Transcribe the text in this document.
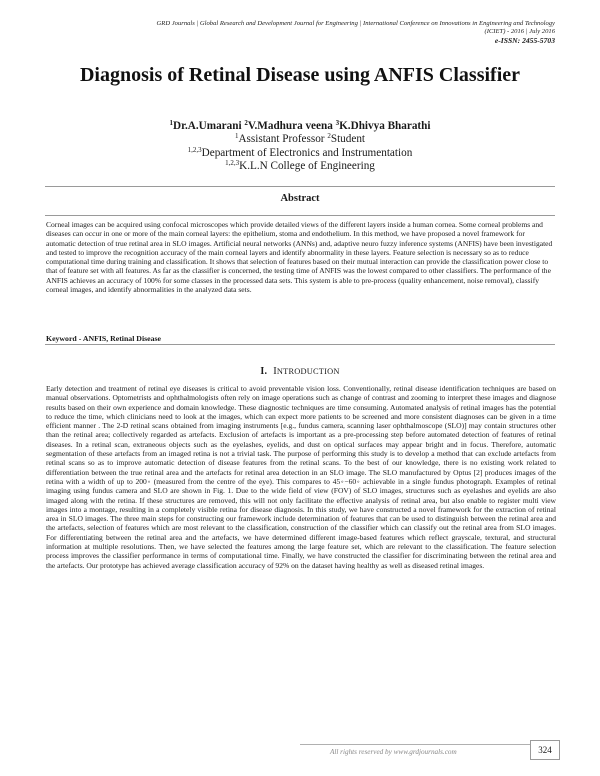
GRD Journals | Global Research and Development Journal for Engineering | International Conference on Innovations in Engineering and Technology
(ICIET) - 2016 | July 2016
e-ISSN: 2455-5703
Diagnosis of Retinal Disease using ANFIS Classifier
$^1$Dr.A.Umarani $^2$V.Madhura veena $^3$K.Dhivya Bharathi
$^1$Assistant Professor $^2$Student
$^{1,2,3}$Department of Electronics and Instrumentation
$^{1,2,3}$K.L.N College of Engineering
Abstract
Corneal images can be acquired using confocal microscopes which provide detailed views of the different layers inside a human cornea. Some corneal problems and diseases can occur in one or more of the main corneal layers: the epithelium, stoma and endothelium. In this method, we have proposed a novel framework for automatic detection of true retinal area in SLO images. Artificial neural networks (ANNs) and, adaptive neuro fuzzy inference systems (ANFIS) have been investigated and tested to improve the recognition accuracy of the main corneal layers and identify abnormality in these layers. Feature selection is necessary so as to reduce computational time during training and classification. It shows that selection of features based on their mutual interaction can provide the classification power close to that of feature set with all features. As far as the classifier is concerned, the testing time of ANFIS was the lowest compared to other classifiers. The performance of the ANFIS achieves an accuracy of 100% for some classes in the processed data sets. This system is able to pre-process (quality enhancement, noise removal), classify corneal images, and identify abnormalities in the analyzed data sets.
Keyword - ANFIS, Retinal Disease
I. INTRODUCTION
Early detection and treatment of retinal eye diseases is critical to avoid preventable vision loss. Conventionally, retinal disease identification techniques are based on manual observations. Optometrists and ophthalmologists often rely on image operations such as change of contrast and zooming to interpret these images and diagnose results based on their own experience and domain knowledge. These diagnostic techniques are time consuming. Automated analysis of retinal images has the potential to reduce the time, which clinicians need to look at the images, which can expect more patients to be screened and more consistent diagnoses can be given in a time efficient manner . The 2-D retinal scans obtained from imaging instruments [e.g., fundus camera, scanning laser ophthalmoscope (SLO)] may contain structures other than the retinal area; collectively regarded as artefacts. Exclusion of artefacts is important as a pre-processing step before automated detection of features of retinal diseases. In a retinal scan, extraneous objects such as the eyelashes, eyelids, and dust on optical surfaces may appear bright and in focus. Therefore, automatic segmentation of these artefacts from an imaged retina is not a trivial task. The purpose of performing this study is to develop a method that can exclude artefacts from retinal scans so as to improve automatic detection of disease features from the retinal scans. To the best of our knowledge, there is no existing work related to differentiation between the true retinal area and the artefacts for retinal area detection in an SLO image. The SLO manufactured by Optus [2] produces images of the retina with a width of up to 200◦ (measured from the centre of the eye). This compares to 45◦−60◦ achievable in a single fundus photograph. Examples of retinal imaging using fundus camera and SLO are shown in Fig. 1. Due to the wide field of view (FOV) of SLO images, structures such as eyelashes and eyelids are also imaged along with the retina. If these structures are removed, this will not only facilitate the effective analysis of retinal area, but also enable to register multi view images into a montage, resulting in a completely visible retina for disease diagnosis. In this study, we have constructed a novel framework for the extraction of retinal area in SLO images. The three main steps for constructing our framework include determination of features that can be used to distinguish between the retinal area and the artefacts, selection of features which are most relevant to the classification, construction of the classifier which can classify out the retinal area from SLO images. For differentiating between the retinal area and the artefacts, we have determined different image-based features which reflect grayscale, textural, and structural information at multiple resolutions. Then, we have selected the features among the large feature set, which are relevant to the classification. The feature selection process improves the classifier performance in terms of computational time. Finally, we have constructed the classifier for discriminating between the retinal area and the artefacts. Our prototype has achieved average classification accuracy of 92% on the dataset having healthy as well as diseased retinal images.
All rights reserved by www.grdjournals.com	324
